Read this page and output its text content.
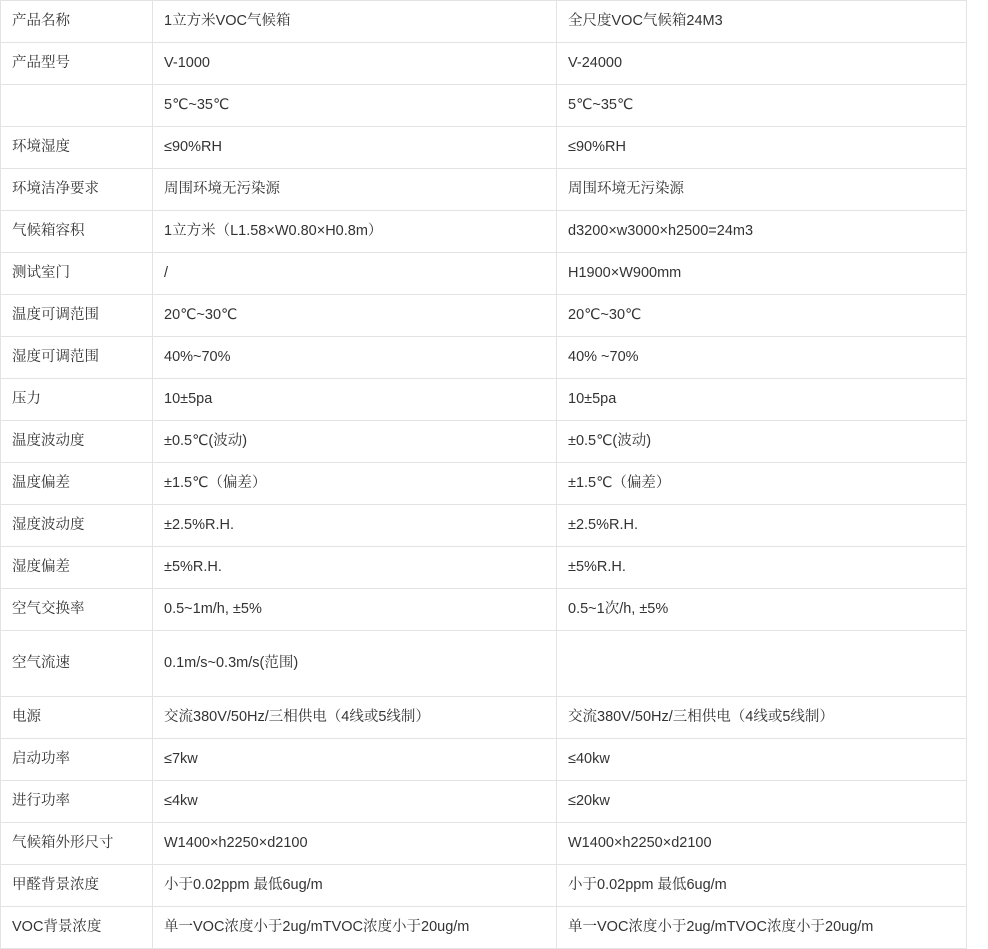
产品名称	1立方米VOC气候箱	全尺度VOC气候箱24M3
产品型号	V-1000	V-24000
	5℃~35℃	5℃~35℃
环境湿度	≤90%RH	≤90%RH
环境洁净要求	周围环境无污染源	周围环境无污染源
气候箱容积	1立方米（L1.58×W0.80×H0.8m）	d3200×w3000×h2500=24m3
测试室门	/	H1900×W900mm
温度可调范围	20℃~30℃	20℃~30℃
湿度可调范围	40%~70%	40% ~70%
压力	10±5pa	10±5pa
温度波动度	±0.5℃(波动)	±0.5℃(波动)
温度偏差	±1.5℃（偏差）	±1.5℃（偏差）
湿度波动度	±2.5%R.H.	±2.5%R.H.
湿度偏差	±5%R.H.	±5%R.H.
空气交换率	0.5~1m/h, ±5%	0.5~1次/h, ±5%
空气流速	0.1m/s~0.3m/s(范围)	
电源	交流380V/50Hz/三相供电（4线或5线制）	交流380V/50Hz/三相供电（4线或5线制）
启动功率	≤7kw	≤40kw
进行功率	≤4kw	≤20kw
气候箱外形尺寸	W1400×h2250×d2100	W1400×h2250×d2100
甲醛背景浓度	小于0.02ppm 最低6ug/m	小于0.02ppm 最低6ug/m
VOC背景浓度	单一VOC浓度小于2ug/mTVOC浓度小于20ug/m	单一VOC浓度小于2ug/mTVOC浓度小于20ug/m
